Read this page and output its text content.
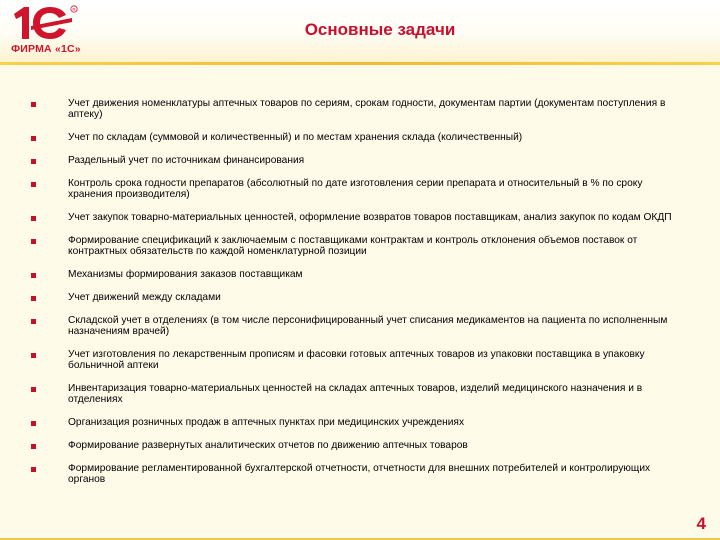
R
ФИРМА «1С»
Основные задачи
Учет движения номенклатуры аптечных товаров по сериям, срокам годности, документам партии (документам поступления в аптеку)
Учет по складам (суммовой и количественный) и по местам хранения склада (количественный)
Раздельный учет по источникам финансирования
Контроль срока годности препаратов (абсолютный по дате изготовления серии препарата и относительный в % по сроку хранения производителя)
Учет закупок товарно-материальных ценностей, оформление возвратов товаров поставщикам, анализ закупок по кодам ОКДП
Формирование спецификаций к заключаемым с поставщиками контрактам и контроль отклонения объемов поставок от контрактных обязательств по каждой номенклатурной позиции
Механизмы формирования заказов поставщикам
Учет движений между складами
Складской учет в отделениях (в том числе персонифицированный учет списания медикаментов на пациента по исполненным назначениям врачей)
Учет изготовления по лекарственным прописям и фасовки готовых аптечных товаров из упаковки поставщика в упаковку больничной аптеки
Инвентаризация товарно-материальных ценностей на складах аптечных товаров, изделий медицинского назначения и в отделениях
Организация розничных продаж в аптечных пунктах при медицинских учреждениях
Формирование развернутых аналитических отчетов по движению аптечных товаров
Формирование регламентированной бухгалтерской отчетности, отчетности для внешних потребителей и контролирующих органов
4
